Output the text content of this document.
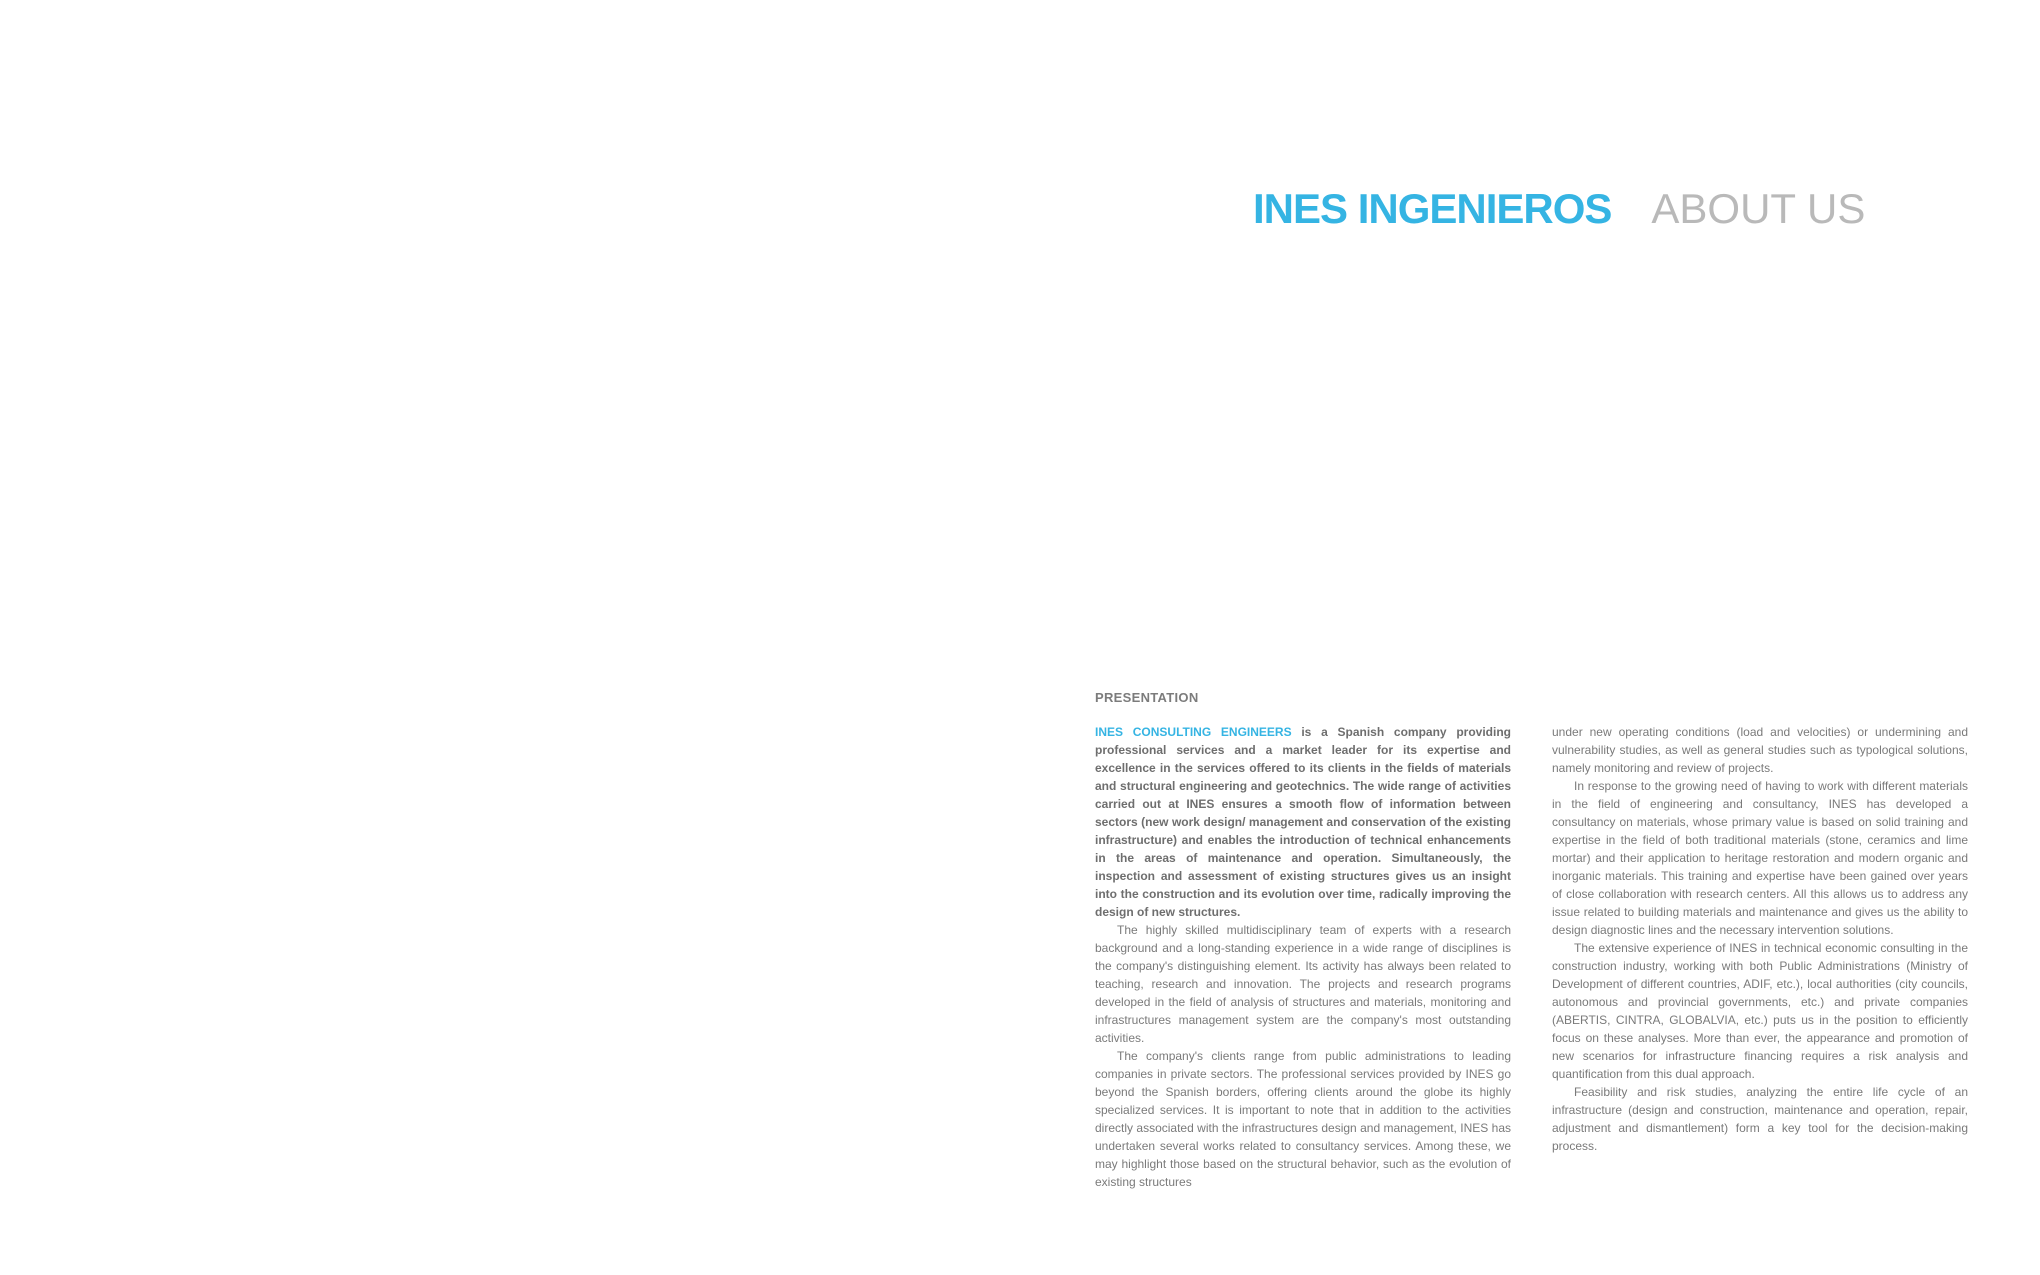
INES INGENIEROS ABOUT US
PRESENTATION

INES CONSULTING ENGINEERS is a Spanish company providing professional services and a market leader for its expertise and excellence in the services offered to its clients in the fields of materials and structural engineering and geotechnics. The wide range of activities carried out at INES ensures a smooth flow of information between sectors (new work design/ management and conservation of the existing infrastructure) and enables the introduction of technical enhancements in the areas of maintenance and operation. Simultaneously, the inspection and assessment of existing structures gives us an insight into the construction and its evolution over time, radically improving the design of new structures.

The highly skilled multidisciplinary team of experts with a research background and a long-standing experience in a wide range of disciplines is the company's distinguishing element. Its activity has always been related to teaching, research and innovation. The projects and research programs developed in the field of analysis of structures and materials, monitoring and infrastructures management system are the company's most outstanding activities.

The company's clients range from public administrations to leading companies in private sectors. The professional services provided by INES go beyond the Spanish borders, offering clients around the globe its highly specialized services. It is important to note that in addition to the activities directly associated with the infrastructures design and management, INES has undertaken several works related to consultancy services. Among these, we may highlight those based on the structural behavior, such as the evolution of existing structures

under new operating conditions (load and velocities) or undermining and vulnerability studies, as well as general studies such as typological solutions, namely monitoring and review of projects.

In response to the growing need of having to work with different materials in the field of engineering and consultancy, INES has developed a consultancy on materials, whose primary value is based on solid training and expertise in the field of both traditional materials (stone, ceramics and lime mortar) and their application to heritage restoration and modern organic and inorganic materials. This training and expertise have been gained over years of close collaboration with research centers. All this allows us to address any issue related to building materials and maintenance and gives us the ability to design diagnostic lines and the necessary intervention solutions.

The extensive experience of INES in technical economic consulting in the construction industry, working with both Public Administrations (Ministry of Development of different countries, ADIF, etc.), local authorities (city councils, autonomous and provincial governments, etc.) and private companies (ABERTIS, CINTRA, GLOBALVIA, etc.) puts us in the position to efficiently focus on these analyses. More than ever, the appearance and promotion of new scenarios for infrastructure financing requires a risk analysis and quantification from this dual approach.

Feasibility and risk studies, analyzing the entire life cycle of an infrastructure (design and construction, maintenance and operation, repair, adjustment and dismantlement) form a key tool for the decision-making process.
